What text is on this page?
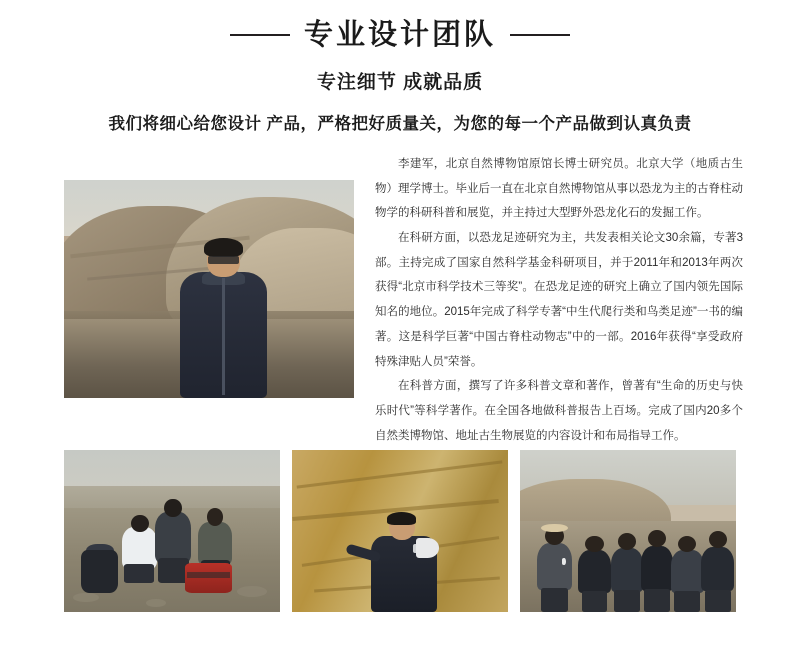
专业设计团队
专注细节 成就品质
我们将细心给您设计 产品，严格把好质量关，为您的每一个产品做到认真负责

李建军，北京自然博物馆原馆长博士研究员。北京大学（地质古生物）理学博士。毕业后一直在北京自然博物馆从事以恐龙为主的古脊柱动物学的科研科普和展览，并主持过大型野外恐龙化石的发掘工作。

在科研方面，以恐龙足迹研究为主，共发表相关论文30余篇，专著3部。主持完成了国家自然科学基金科研项目，并于2011年和2013年两次获得“北京市科学技术三等奖”。在恐龙足迹的研究上确立了国内领先国际知名的地位。2015年完成了科学专著“中生代爬行类和鸟类足迹”一书的编著。这是科学巨著“中国古脊柱动物志”中的一部。2016年获得“享受政府特殊津贴人员”荣誉。

在科普方面，撰写了许多科普文章和著作，曾著有“生命的历史与快乐时代”等科学著作。在全国各地做科普报告上百场。完成了国内20多个自然类博物馆、地址古生物展览的内容设计和布局指导工作。
